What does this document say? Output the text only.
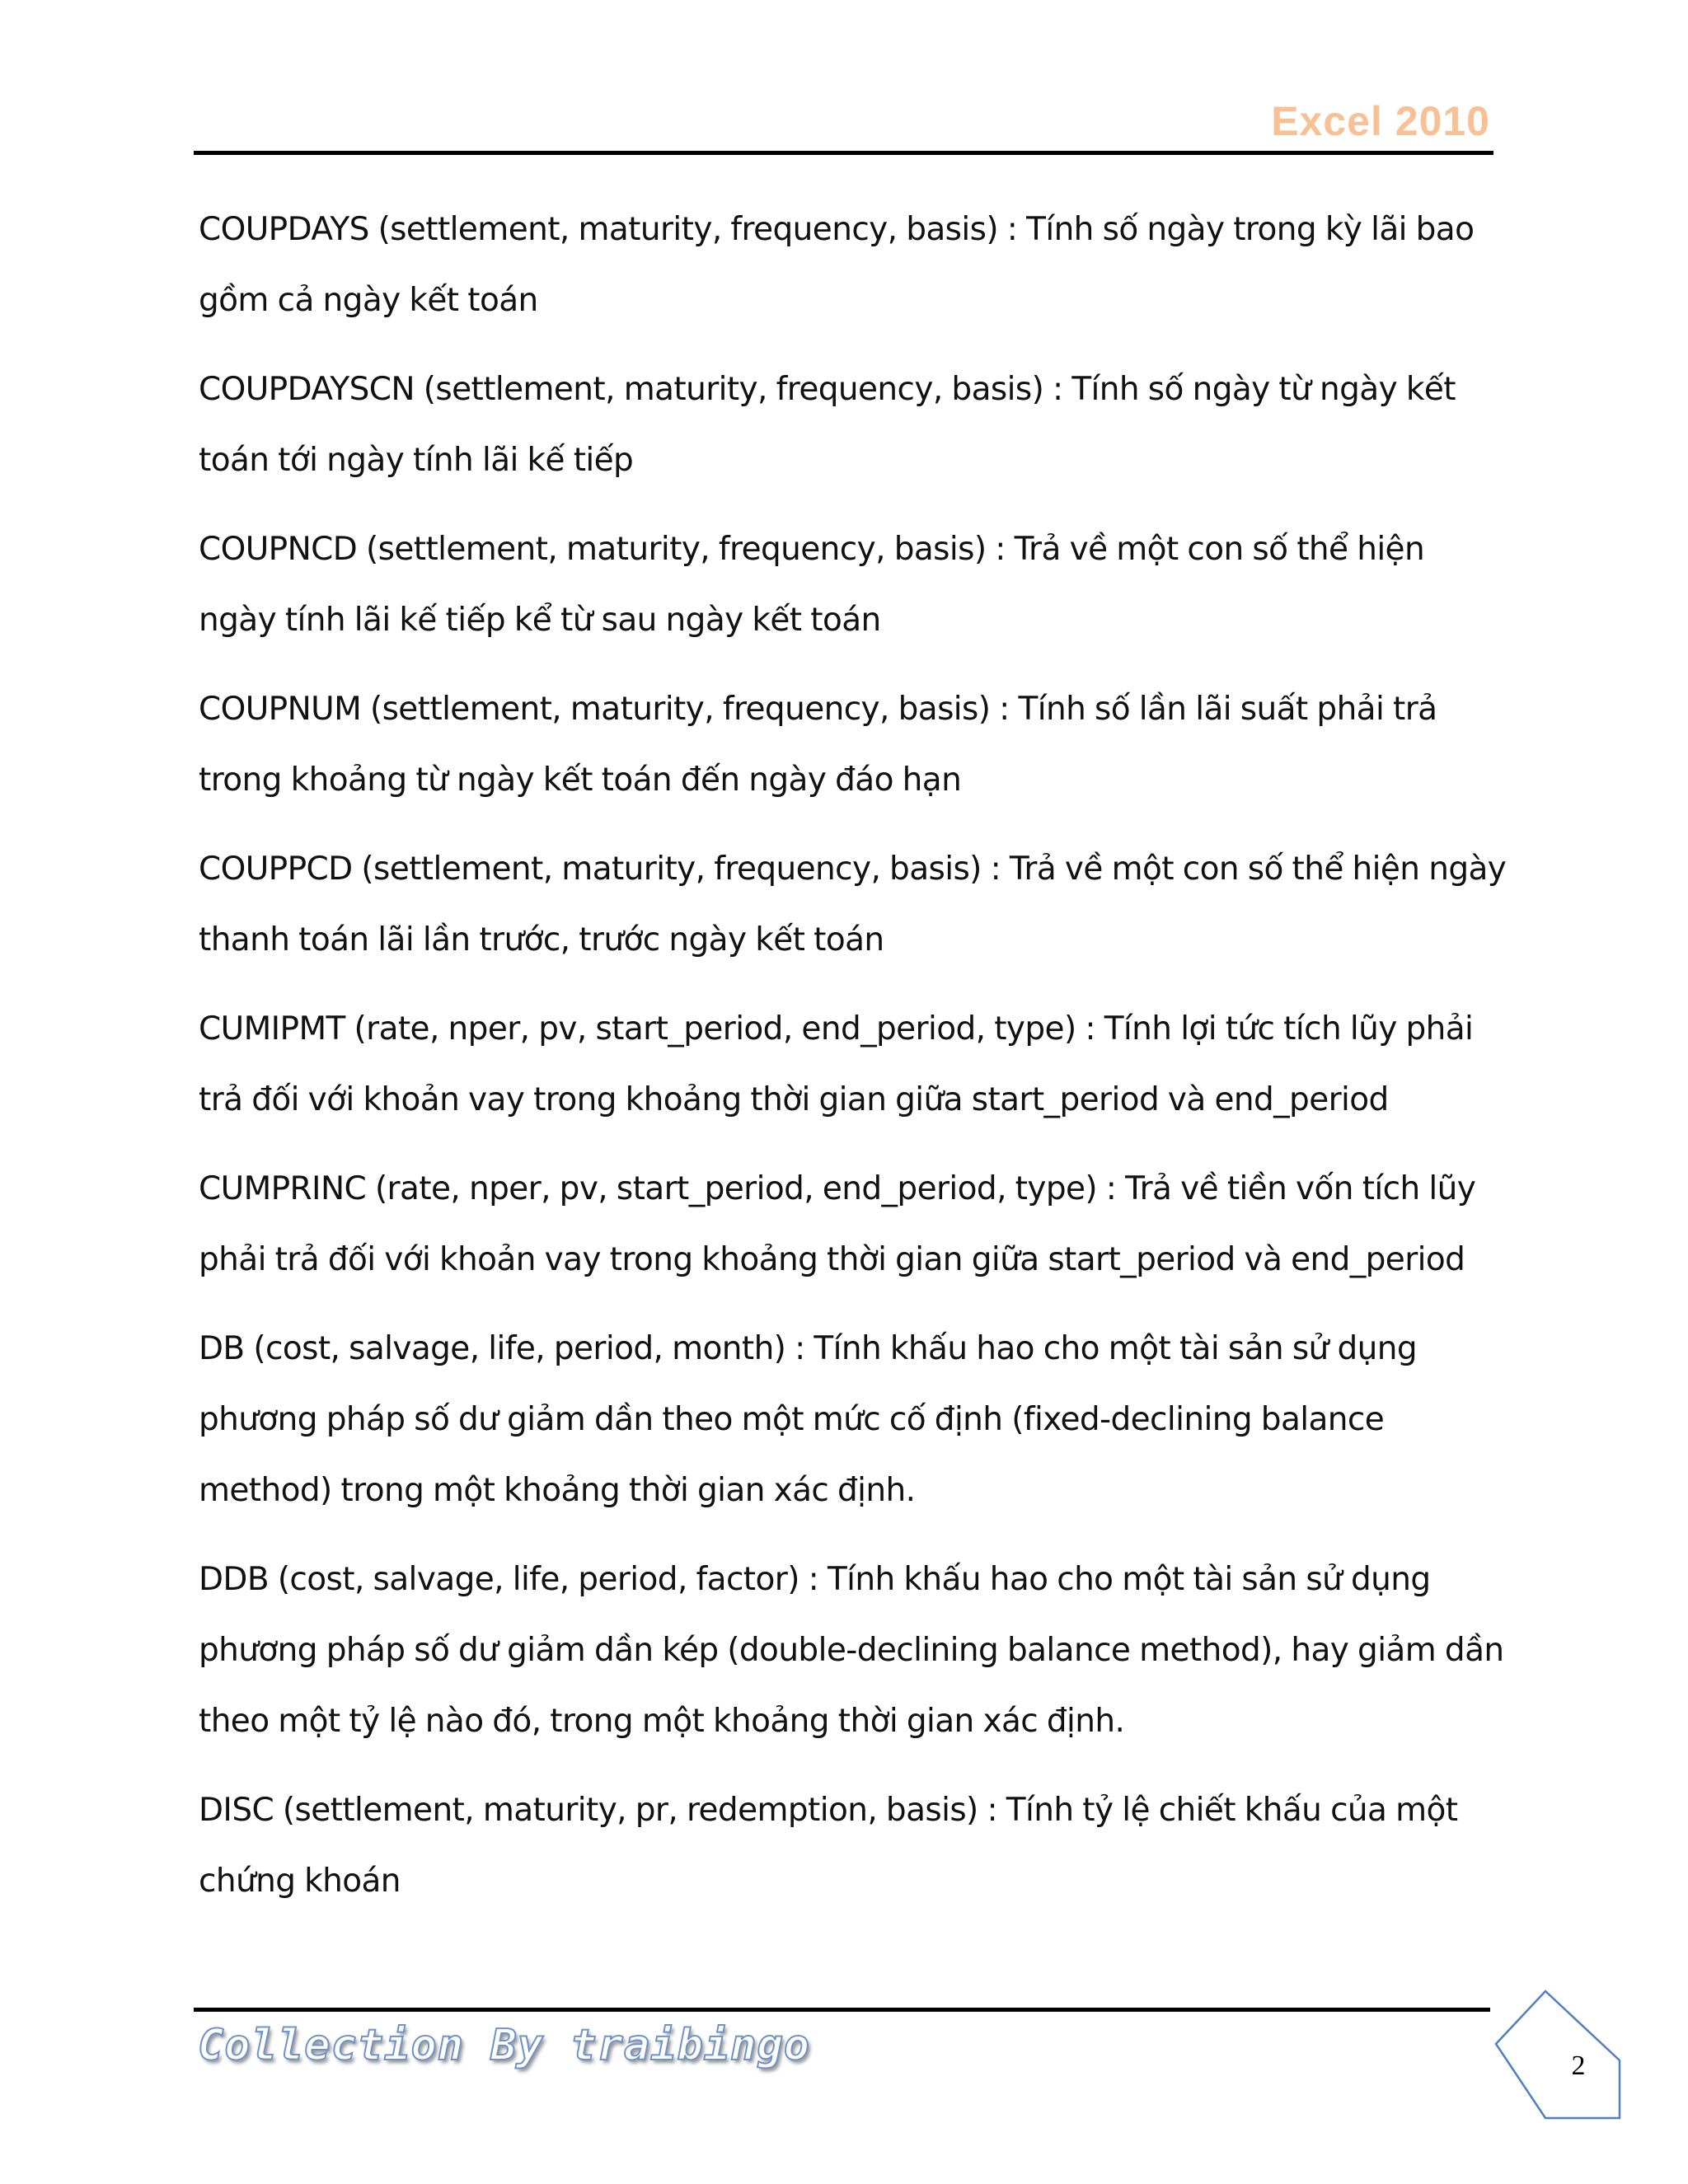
Excel 2010

COUPDAYS (settlement, maturity, frequency, basis) : Tính số ngày trong kỳ lãi bao gồm cả ngày kết toán

COUPDAYSCN (settlement, maturity, frequency, basis) : Tính số ngày từ ngày kết toán tới ngày tính lãi kế tiếp

COUPNCD (settlement, maturity, frequency, basis) : Trả về một con số thể hiện ngày tính lãi kế tiếp kể từ sau ngày kết toán

COUPNUM (settlement, maturity, frequency, basis) : Tính số lần lãi suất phải trả trong khoảng từ ngày kết toán đến ngày đáo hạn

COUPPCD (settlement, maturity, frequency, basis) : Trả về một con số thể hiện ngày thanh toán lãi lần trước, trước ngày kết toán

CUMIPMT (rate, nper, pv, start_period, end_period, type) : Tính lợi tức tích lũy phải trả đối với khoản vay trong khoảng thời gian giữa start_period và end_period

CUMPRINC (rate, nper, pv, start_period, end_period, type) : Trả về tiền vốn tích lũy phải trả đối với khoản vay trong khoảng thời gian giữa start_period và end_period

DB (cost, salvage, life, period, month) : Tính khấu hao cho một tài sản sử dụng phương pháp số dư giảm dần theo một mức cố định (fixed-declining balance method) trong một khoảng thời gian xác định.

DDB (cost, salvage, life, period, factor) : Tính khấu hao cho một tài sản sử dụng phương pháp số dư giảm dần kép (double-declining balance method), hay giảm dần theo một tỷ lệ nào đó, trong một khoảng thời gian xác định.

DISC (settlement, maturity, pr, redemption, basis) : Tính tỷ lệ chiết khấu của một chứng khoán

Collection By traibingo	2
